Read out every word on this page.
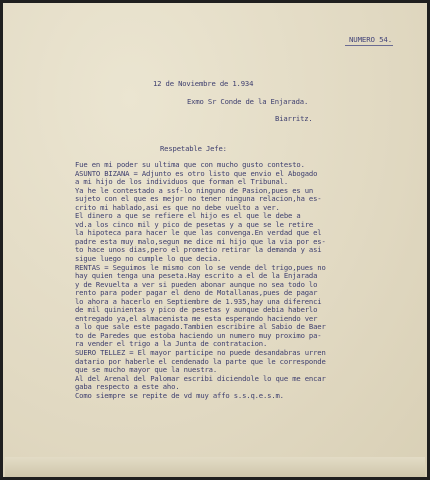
NUMERO 54.
12 de Noviembre de 1.934
Exmo Sr Conde de la Enjarada.
Biarritz.
Respetable Jefe:
Fue en mi poder su ultima que con mucho gusto contesto.
ASUNTO BIZANA = Adjunto es otro listo que envio el Abogado
a mi hijo de los individuos que forman el Tribunal.
Ya he le contestado a ssf-lo ninguno de Pasion,pues es un
sujeto con el que es mejor no tener ninguna relacion,ha es-
crito mi hablado,asi es que no debe vuelto a ver.
El dinero a que se refiere el hijo es el que le debe a
vd.a los cinco mil y pico de pesetas y a que se le retire
la hipoteca para hacer le que las convenga.En verdad que el
padre esta muy malo,segun me dice mi hijo que la via por es-
to hace unos dias,pero el prometio retirar la demanda y asi
sigue luego no cumple lo que decia.
RENTAS = Seguimos le mismo con lo se vende del trigo,pues no
hay quien tenga una peseta.Hay escrito a el de la Enjarada
y de Revuelta a ver si pueden abonar aunque no sea todo lo
rento para poder pagar el deno de Motallanas,pues de pagar
lo ahora a hacerlo en Septiembre de 1.935,hay una diferenci
de mil quinientas y pico de pesetas y aunque debia haberlo
entregado ya,el almacenista me esta esperando haciendo ver
a lo que sale este pagado.Tambien escribire al Sabio de Baer
to de Paredes que estoba haciendo un numero muy proximo pa-
ra vender el trigo a la Junta de contratacion.
SUERO TELLEZ = El mayor participe no puede desandabras urren
datario por haberle el cendenado la parte que le corresponde
que se mucho mayor que la nuestra.
Al del Arenal del Palomar escribi diciendole lo que me encar
gaba respecto a este aho.
Como siempre se repite de vd muy affo s.s.q.e.s.m.
